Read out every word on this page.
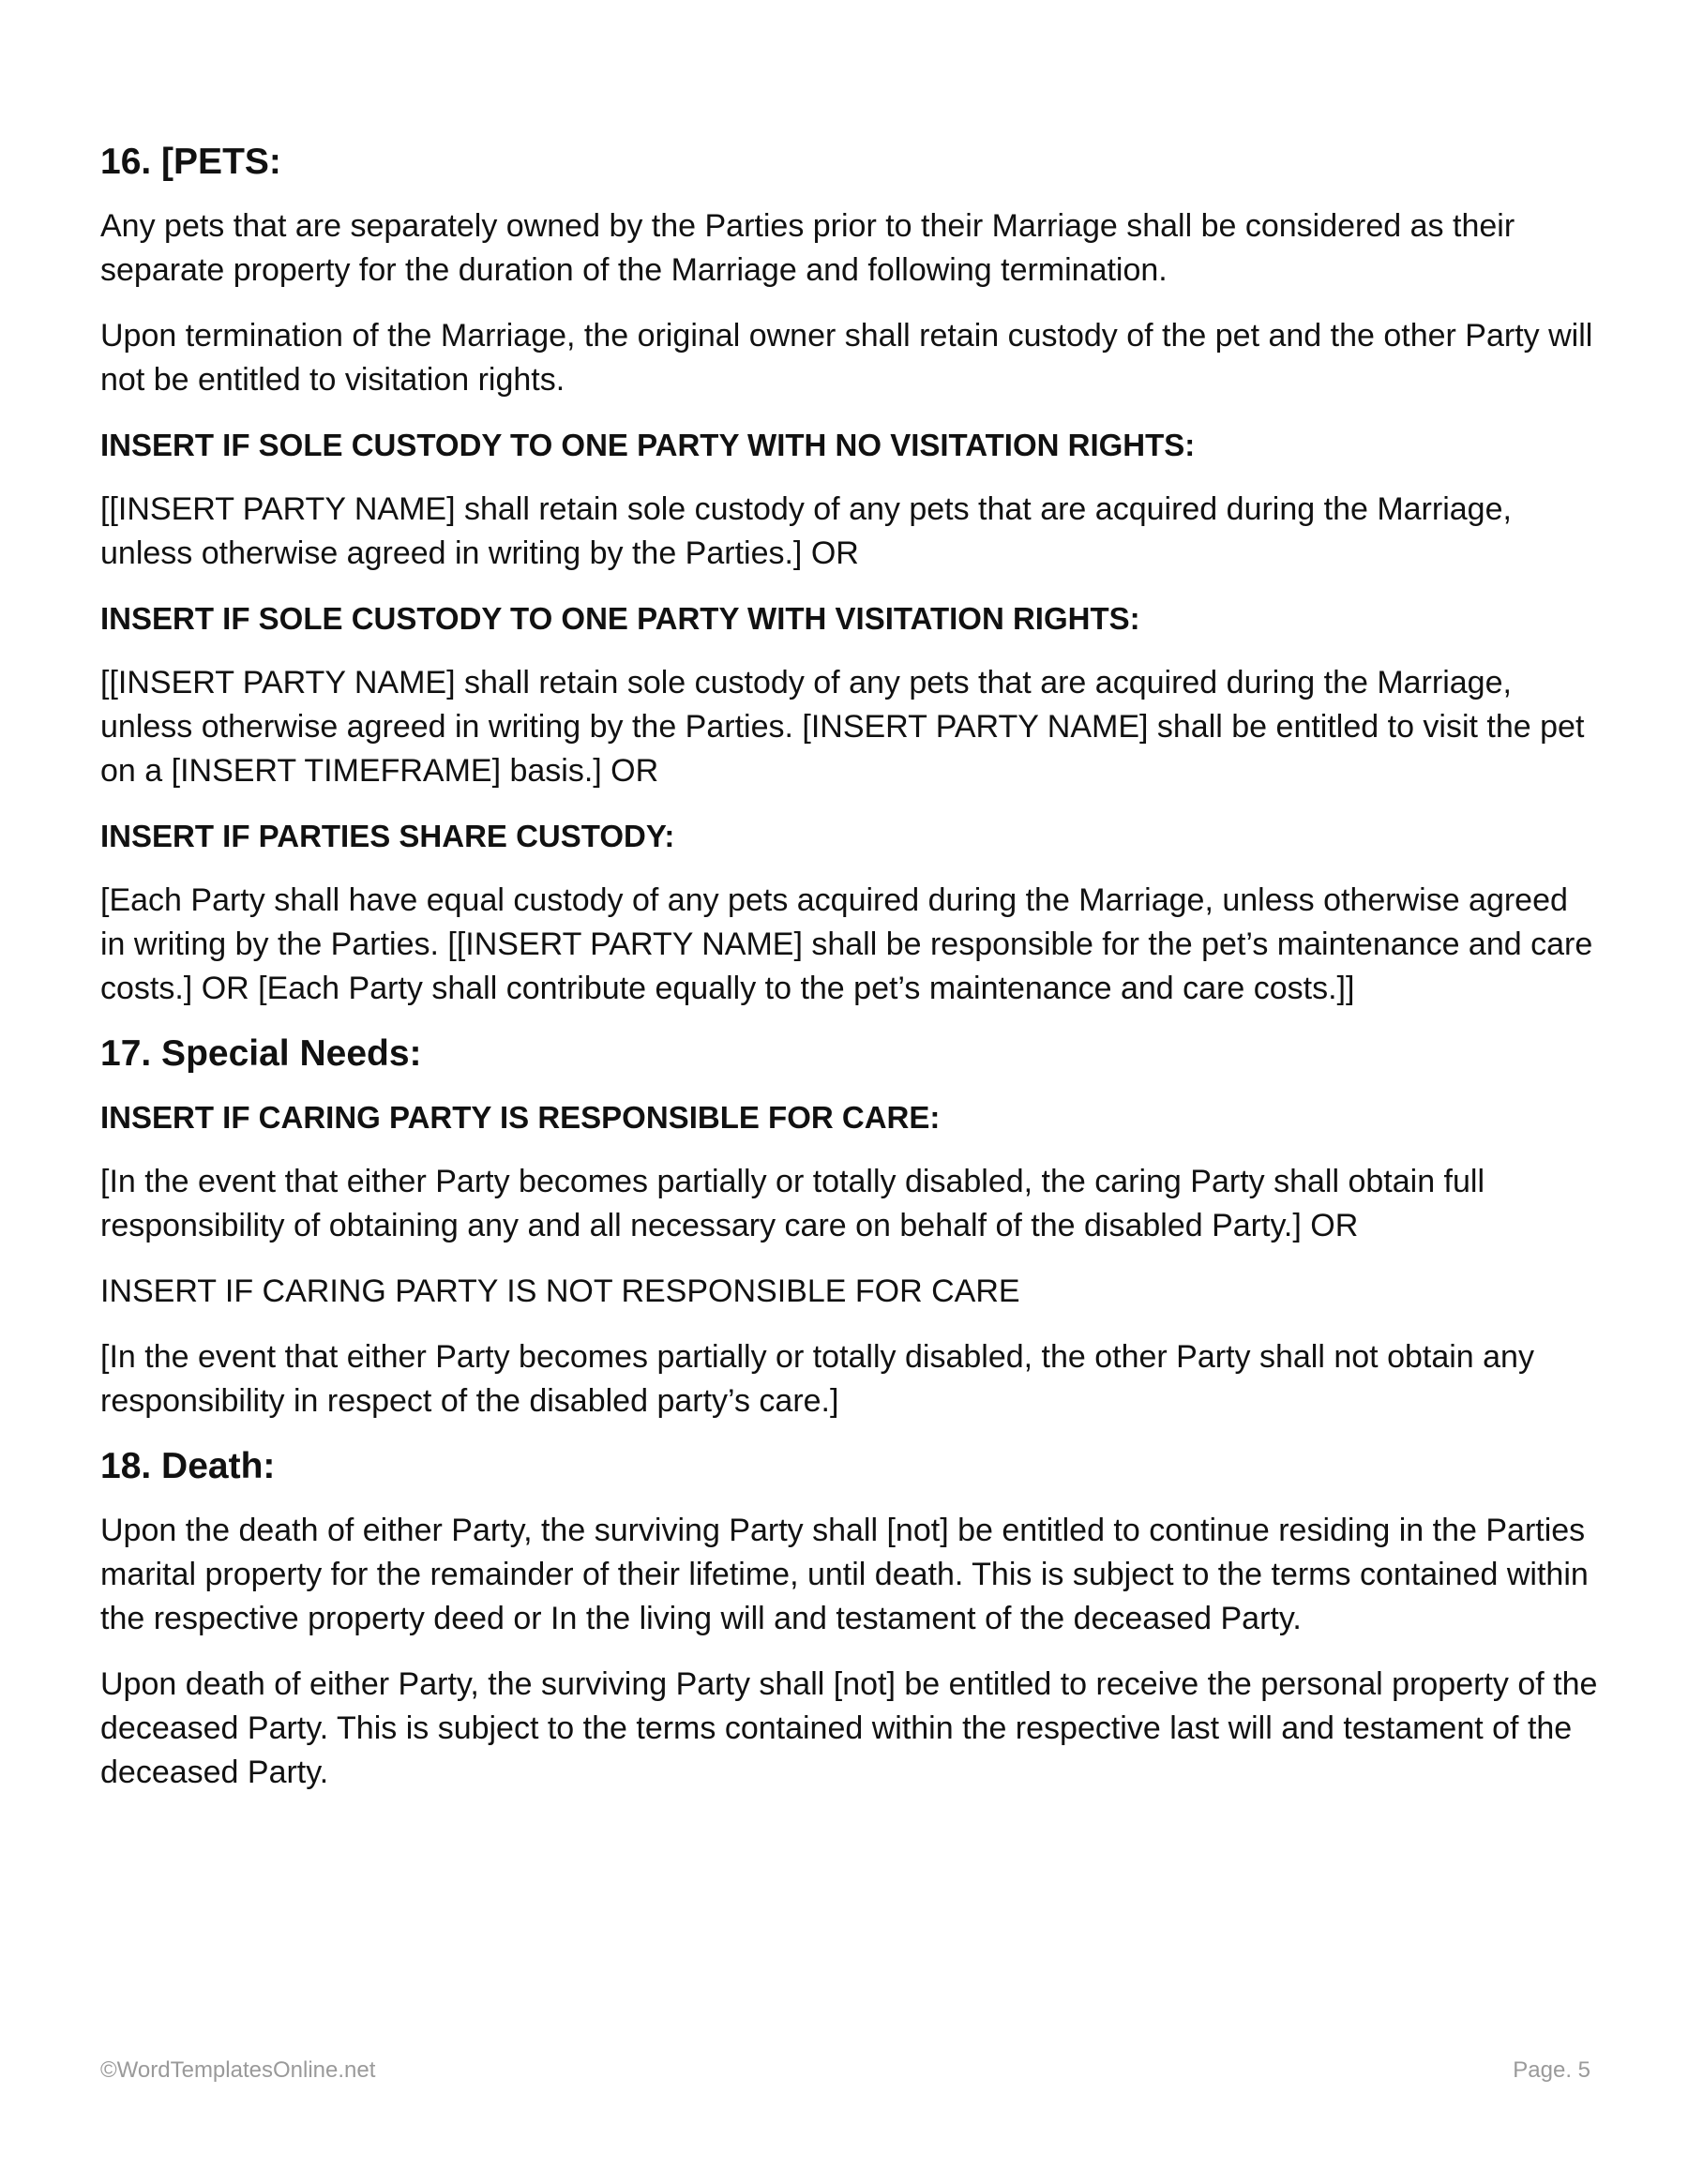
16. [PETS:

Any pets that are separately owned by the Parties prior to their Marriage shall be considered as their separate property for the duration of the Marriage and following termination.

Upon termination of the Marriage, the original owner shall retain custody of the pet and the other Party will not be entitled to visitation rights.

INSERT IF SOLE CUSTODY TO ONE PARTY WITH NO VISITATION RIGHTS:

[[INSERT PARTY NAME] shall retain sole custody of any pets that are acquired during the Marriage, unless otherwise agreed in writing by the Parties.] OR

INSERT IF SOLE CUSTODY TO ONE PARTY WITH VISITATION RIGHTS:

[[INSERT PARTY NAME] shall retain sole custody of any pets that are acquired during the Marriage, unless otherwise agreed in writing by the Parties. [INSERT PARTY NAME] shall be entitled to visit the pet on a [INSERT TIMEFRAME] basis.] OR

INSERT IF PARTIES SHARE CUSTODY:

[Each Party shall have equal custody of any pets acquired during the Marriage, unless otherwise agreed in writing by the Parties. [[INSERT PARTY NAME] shall be responsible for the pet’s maintenance and care costs.] OR [Each Party shall contribute equally to the pet’s maintenance and care costs.]]

17. Special Needs:
INSERT IF CARING PARTY IS RESPONSIBLE FOR CARE:

[In the event that either Party becomes partially or totally disabled, the caring Party shall obtain full responsibility of obtaining any and all necessary care on behalf of the disabled Party.] OR

INSERT IF CARING PARTY IS NOT RESPONSIBLE FOR CARE

[In the event that either Party becomes partially or totally disabled, the other Party shall not obtain any responsibility in respect of the disabled party’s care.]

18. Death:

Upon the death of either Party, the surviving Party shall [not] be entitled to continue residing in the Parties marital property for the remainder of their lifetime, until death. This is subject to the terms contained within the respective property deed or In the living will and testament of the deceased Party.

Upon death of either Party, the surviving Party shall [not] be entitled to receive the personal property of the deceased Party. This is subject to the terms contained within the respective last will and testament of the deceased Party.

©WordTemplatesOnline.net	Page. 5
